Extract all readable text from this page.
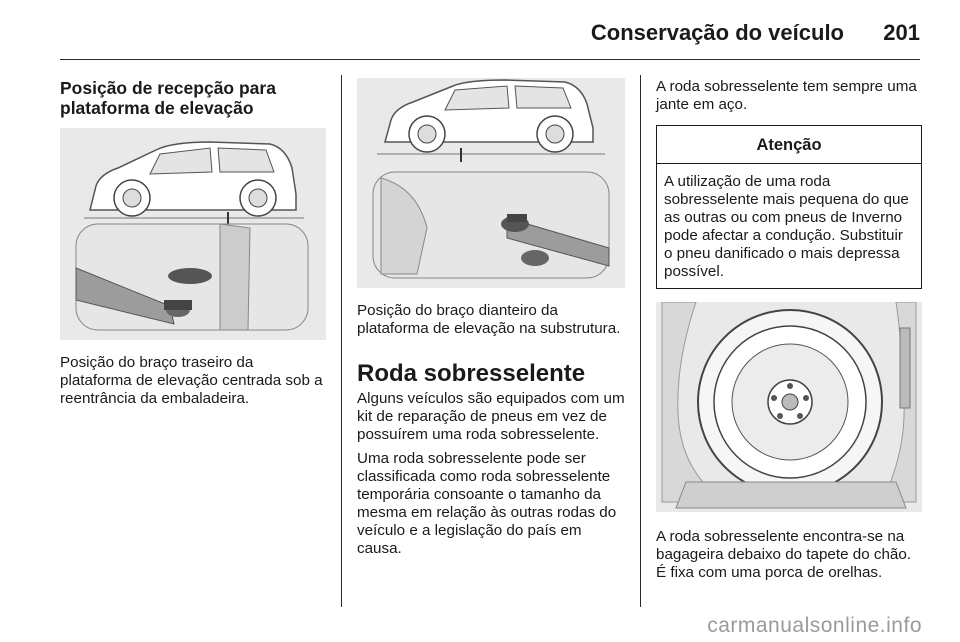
Conservação do veículo 201
Posição de recepção para plataforma de elevação

Posição do braço traseiro da plataforma de elevação centrada sob a reentrância da embaladeira.

Posição do braço dianteiro da plataforma de elevação na substrutura.

Roda sobresselente

Alguns veículos são equipados com um kit de reparação de pneus em vez de possuírem uma roda sobresselente.

Uma roda sobresselente pode ser classificada como roda sobresselente temporária consoante o tamanho da mesma em relação às outras rodas do veículo e a legislação do país em causa.

A roda sobresselente tem sempre uma jante em aço.

Atenção
A utilização de uma roda sobresselente mais pequena do que as outras ou com pneus de Inverno pode afectar a condução. Substituir o pneu danificado o mais depressa possível.

A roda sobresselente encontra-se na bagageira debaixo do tapete do chão. É fixa com uma porca de orelhas.

carmanualsonline.info
